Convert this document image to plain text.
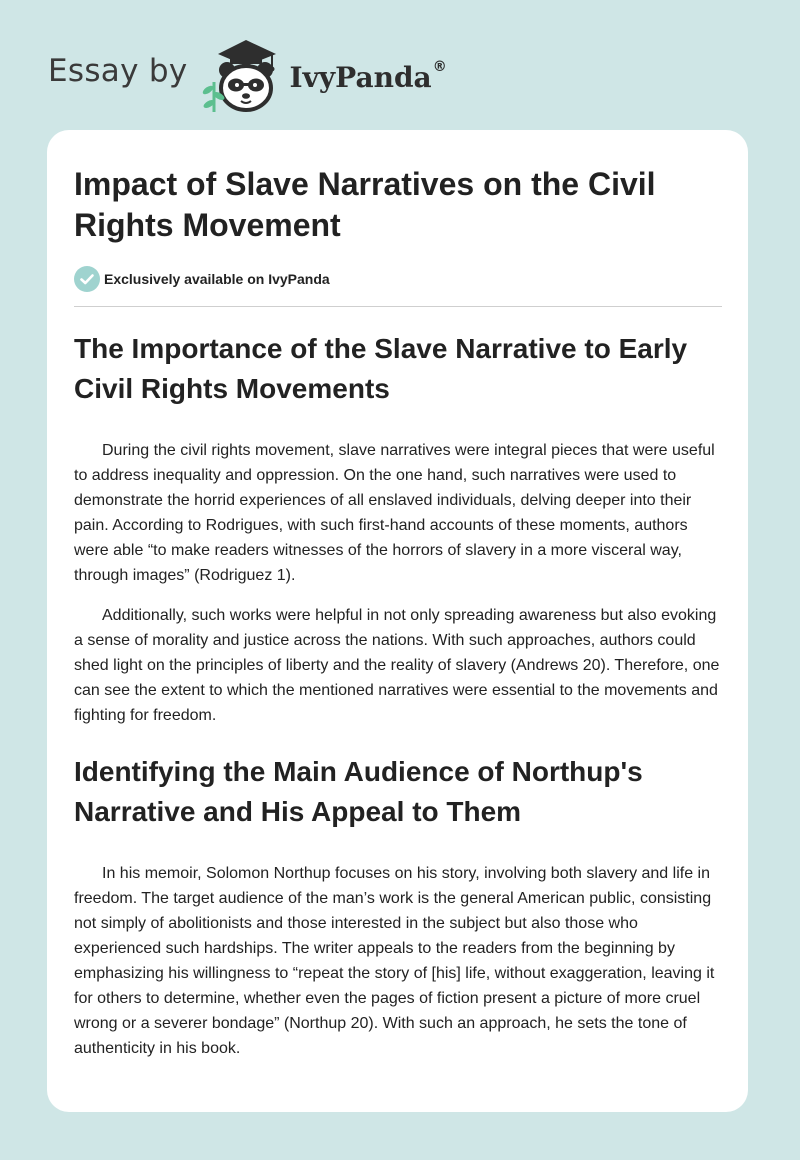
Essay by	IvyPanda®
Impact of Slave Narratives on the Civil Rights Movement
Exclusively available on IvyPanda
The Importance of the Slave Narrative to Early Civil Rights Movements

During the civil rights movement, slave narratives were integral pieces that were useful to address inequality and oppression. On the one hand, such narratives were used to demonstrate the horrid experiences of all enslaved individuals, delving deeper into their pain. According to Rodrigues, with such first-hand accounts of these moments, authors were able “to make readers witnesses of the horrors of slavery in a more visceral way, through images” (Rodriguez 1).

Additionally, such works were helpful in not only spreading awareness but also evoking a sense of morality and justice across the nations. With such approaches, authors could shed light on the principles of liberty and the reality of slavery (Andrews 20). Therefore, one can see the extent to which the mentioned narratives were essential to the movements and fighting for freedom.

Identifying the Main Audience of Northup's Narrative and His Appeal to Them

In his memoir, Solomon Northup focuses on his story, involving both slavery and life in freedom. The target audience of the man’s work is the general American public, consisting not simply of abolitionists and those interested in the subject but also those who experienced such hardships. The writer appeals to the readers from the beginning by emphasizing his willingness to “repeat the story of [his] life, without exaggeration, leaving it for others to determine, whether even the pages of fiction present a picture of more cruel wrong or a severer bondage” (Northup 20). With such an approach, he sets the tone of authenticity in his book.
